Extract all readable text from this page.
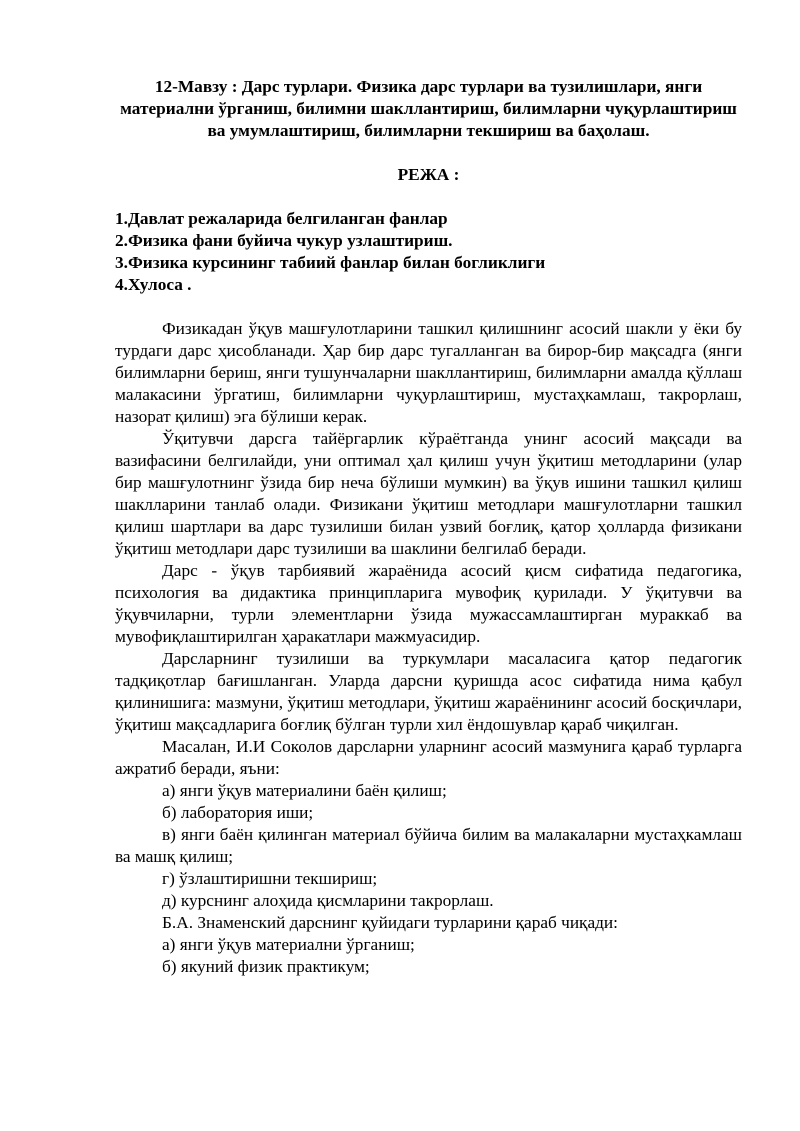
12-Мавзу : Дарс турлари. Физика дарс турлари ва тузилишлари, янги материални ўрганиш, билимни шакллантириш, билимларни чуқурлаштириш ва умумлаштириш, билимларни текшириш ва баҳолаш.

РЕЖА :

1.Давлат режаларида белгиланган фанлар
2.Физика фани буйича чукур узлаштириш.
3.Физика курсининг табиий фанлар билан богликлиги
4.Хулоса .

Физикадан ўқув машғулотларини ташкил қилишнинг асосий шакли у ёки бу турдаги дарс ҳисобланади. Ҳар бир дарс тугалланган ва бирор-бир мақсадга (янги билимларни бериш, янги тушунчаларни шакллантириш, билимларни амалда қўллаш малакасини ўргатиш, билимларни чуқурлаштириш, мустаҳкамлаш, такрорлаш, назорат қилиш) эга бўлиши керак.

Ўқитувчи дарсга тайёргарлик кўраётганда унинг асосий мақсади ва вазифасини белгилайди, уни оптимал ҳал қилиш учун ўқитиш методларини (улар бир машғулотнинг ўзида бир неча бўлиши мумкин) ва ўқув ишини ташкил қилиш шаклларини танлаб олади. Физикани ўқитиш методлари машғулотларни ташкил қилиш шартлари ва дарс тузилиши билан узвий боғлиқ, қатор ҳолларда физикани ўқитиш методлари дарс тузилиши ва шаклини белгилаб беради.

Дарс - ўқув тарбиявий жараёнида асосий қисм сифатида педагогика, психология ва дидактика принципларига мувофиқ қурилади. У ўқитувчи ва ўқувчиларни, турли элементларни ўзида мужассамлаштирган мураккаб ва мувофиқлаштирилган ҳаракатлари мажмуасидир.

Дарсларнинг тузилиши ва туркумлари масаласига қатор педагогик тадқиқотлар бағишланган. Уларда дарсни қуришда асос сифатида нима қабул қилинишига: мазмуни, ўқитиш методлари, ўқитиш жараёнининг асосий босқичлари, ўқитиш мақсадларига боғлиқ бўлган турли хил ёндошувлар қараб чиқилган.

Масалан, И.И Соколов дарсларни уларнинг асосий мазмунига қараб турларга ажратиб беради, яъни:

а) янги ўқув материалини баён қилиш;

б) лаборатория иши;

в) янги баён қилинган материал бўйича билим ва малакаларни мустаҳкамлаш ва машқ қилиш;

г) ўзлаштиришни текшириш;

д) курснинг алоҳида қисмларини такрорлаш.

Б.А. Знаменский дарснинг қуйидаги турларини қараб чиқади:

а) янги ўқув материални ўрганиш;

б) якуний физик практикум;
